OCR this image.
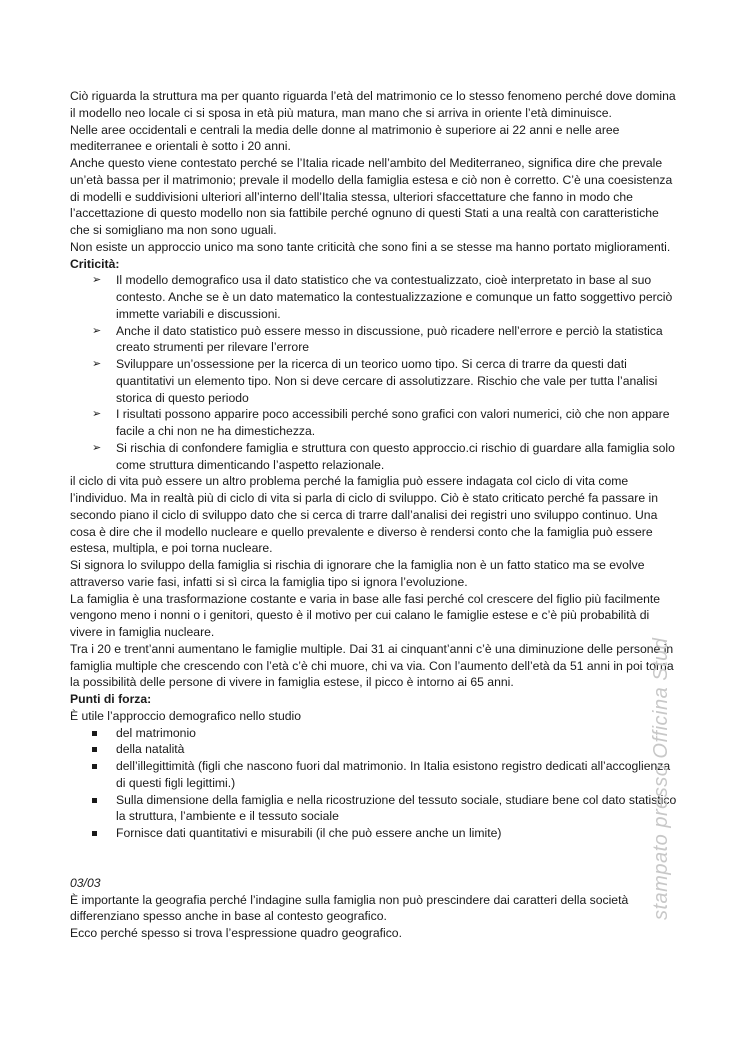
Ciò riguarda la struttura ma per quanto riguarda l’età del matrimonio ce lo stesso fenomeno perché dove domina il modello neo locale ci si sposa in età più matura, man mano che si arriva in oriente l’età diminuisce.

Nelle aree occidentali e centrali la media delle donne al matrimonio è superiore ai 22 anni e nelle aree mediterranee e orientali è sotto i 20 anni.

Anche questo viene contestato perché se l’Italia ricade nell’ambito del Mediterraneo, significa dire che prevale un’età bassa per il matrimonio; prevale il modello della famiglia estesa e ciò non è corretto. C’è una coesistenza di modelli e suddivisioni ulteriori all’interno dell’Italia stessa, ulteriori sfaccettature che fanno in modo che l’accettazione di questo modello non sia fattibile perché ognuno di questi Stati a una realtà con caratteristiche che si somigliano ma non sono uguali.

Non esiste un approccio unico ma sono tante criticità che sono fini a se stesse ma hanno portato miglioramenti.

Criticità:

➢ Il modello demografico usa il dato statistico che va contestualizzato, cioè interpretato in base al suo contesto. Anche se è un dato matematico la contestualizzazione e comunque un fatto soggettivo perciò immette variabili e discussioni.
➢ Anche il dato statistico può essere messo in discussione, può ricadere nell’errore e perciò la statistica creato strumenti per rilevare l’errore
➢ Sviluppare un’ossessione per la ricerca di un teorico uomo tipo. Si cerca di trarre da questi dati quantitativi un elemento tipo. Non si deve cercare di assolutizzare. Rischio che vale per tutta l’analisi storica di questo periodo
➢ I risultati possono apparire poco accessibili perché sono grafici con valori numerici, ciò che non appare facile a chi non ne ha dimestichezza.
➢ Si rischia di confondere famiglia e struttura con questo approccio.ci rischio di guardare alla famiglia solo come struttura dimenticando l’aspetto relazionale.

il ciclo di vita può essere un altro problema perché la famiglia può essere indagata col ciclo di vita come l’individuo. Ma in realtà più di ciclo di vita si parla di ciclo di sviluppo. Ciò è stato criticato perché fa passare in secondo piano il ciclo di sviluppo dato che si cerca di trarre dall’analisi dei registri uno sviluppo continuo. Una cosa è dire che il modello nucleare e quello prevalente e diverso è rendersi conto che la famiglia può essere estesa, multipla, e poi torna nucleare.

Si signora lo sviluppo della famiglia si rischia di ignorare che la famiglia non è un fatto statico ma se evolve attraverso varie fasi, infatti si sì circa la famiglia tipo si ignora l’evoluzione.

La famiglia è una trasformazione costante e varia in base alle fasi perché col crescere del figlio più facilmente vengono meno i nonni o i genitori, questo è il motivo per cui calano le famiglie estese e c’è più probabilità di vivere in famiglia nucleare.

Tra i 20 e trent’anni aumentano le famiglie multiple. Dai 31 ai cinquant’anni c’è una diminuzione delle persone in famiglia multiple che crescendo con l’età c’è chi muore, chi va via. Con l’aumento dell’età da 51 anni in poi torna la possibilità delle persone di vivere in famiglia estese, il picco è intorno ai 65 anni.

Punti di forza:

È utile l’approccio demografico nello studio

del matrimonio
della natalità
dell’illegittimità (figli che nascono fuori dal matrimonio. In Italia esistono registro dedicati all’accoglienza di questi figli legittimi.)
Sulla dimensione della famiglia e nella ricostruzione del tessuto sociale, studiare bene col dato statistico la struttura, l’ambiente e il tessuto sociale
Fornisce dati quantitativi e misurabili (il che può essere anche un limite)

03/03

È importante la geografia perché l’indagine sulla famiglia non può prescindere dai caratteri della società differenziano spesso anche in base al contesto geografico.

Ecco perché spesso si trova l’espressione quadro geografico.

stampato presso Officina Stud
